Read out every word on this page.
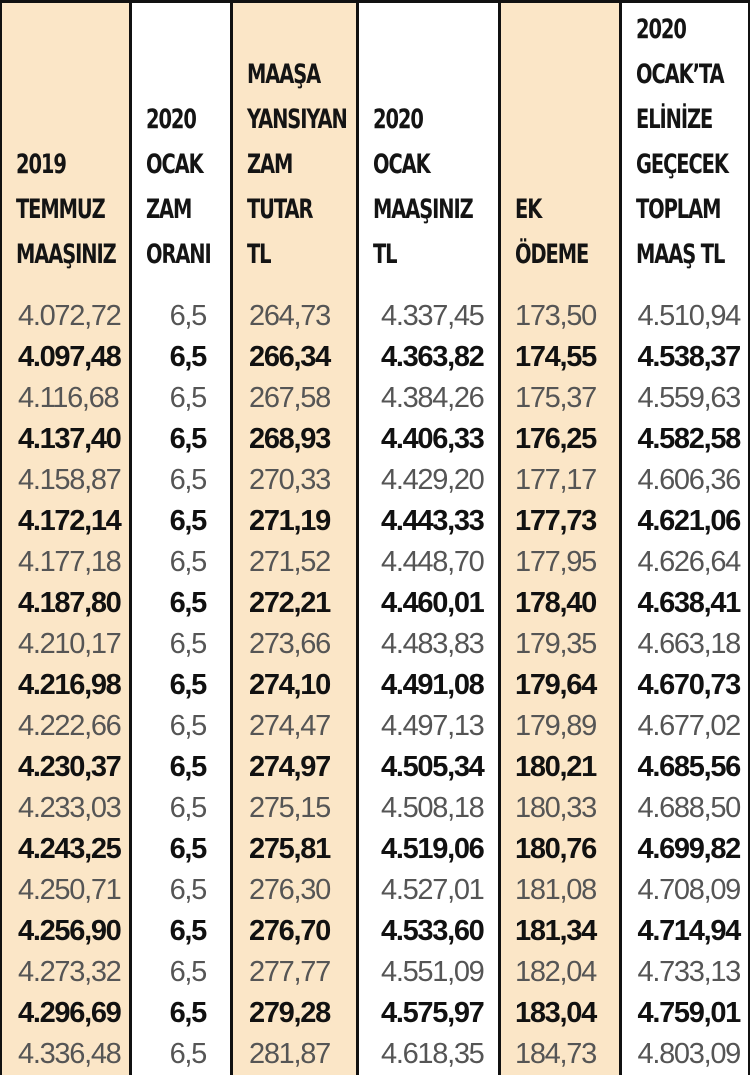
2019
TEMMUZ
MAAŞINIZ
4.072,72
4.097,48
4.116,68
4.137,40
4.158,87
4.172,14
4.177,18
4.187,80
4.210,17
4.216,98
4.222,66
4.230,37
4.233,03
4.243,25
4.250,71
4.256,90
4.273,32
4.296,69
4.336,48
2020
OCAK
ZAM
ORANI
6,5
6,5
6,5
6,5
6,5
6,5
6,5
6,5
6,5
6,5
6,5
6,5
6,5
6,5
6,5
6,5
6,5
6,5
6,5
MAAŞA
YANSIYAN
ZAM
TUTAR
TL
264,73
266,34
267,58
268,93
270,33
271,19
271,52
272,21
273,66
274,10
274,47
274,97
275,15
275,81
276,30
276,70
277,77
279,28
281,87
2020
OCAK
MAAŞINIZ
TL
4.337,45
4.363,82
4.384,26
4.406,33
4.429,20
4.443,33
4.448,70
4.460,01
4.483,83
4.491,08
4.497,13
4.505,34
4.508,18
4.519,06
4.527,01
4.533,60
4.551,09
4.575,97
4.618,35
EK
ÖDEME
173,50
174,55
175,37
176,25
177,17
177,73
177,95
178,40
179,35
179,64
179,89
180,21
180,33
180,76
181,08
181,34
182,04
183,04
184,73
2020
OCAK’TA
ELİNİZE
GEÇECEK
TOPLAM
MAAŞ TL
4.510,94
4.538,37
4.559,63
4.582,58
4.606,36
4.621,06
4.626,64
4.638,41
4.663,18
4.670,73
4.677,02
4.685,56
4.688,50
4.699,82
4.708,09
4.714,94
4.733,13
4.759,01
4.803,09
